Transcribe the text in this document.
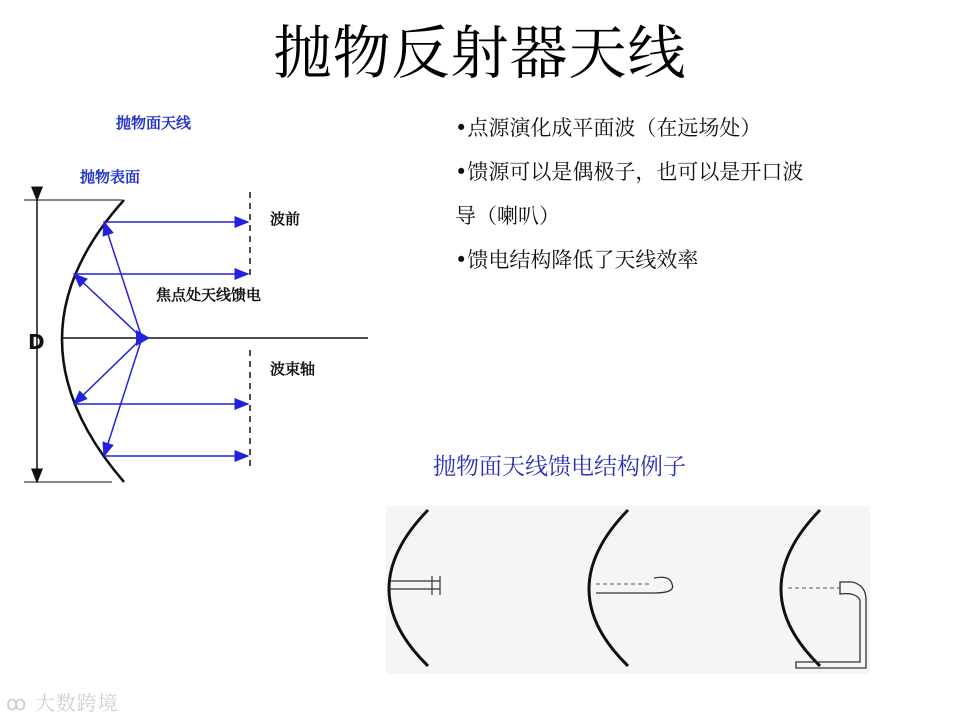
抛物反射器天线
•点源演化成平面波（在远场处）
•馈源可以是偶极子，也可以是开口波
导（喇叭）
•馈电结构降低了天线效率
抛物面天线
抛物表面
波前
焦点处天线馈电
波束轴
D
抛物面天线馈电结构例子
ꝏ 大数跨境
